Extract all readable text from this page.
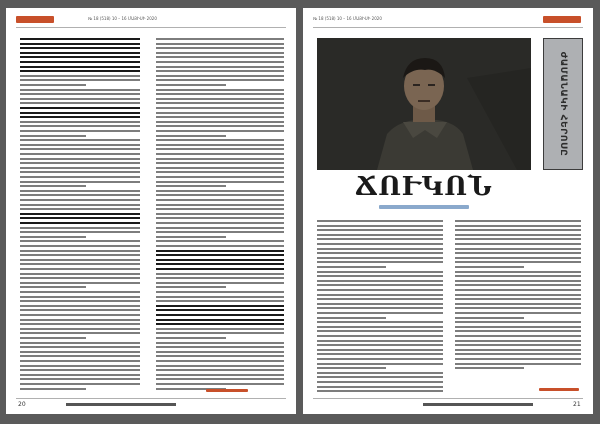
№ 18 (518) 10 – 16 ՄԱՅԻՍԻ 2020
20
№ 18 (518) 10 – 16 ՄԱՅԻՍԻ 2020
ԺԱՄԱՆԱԿԻ ՀԵՐՈՍԸ
ՃՈՒԿՈՆ
21
